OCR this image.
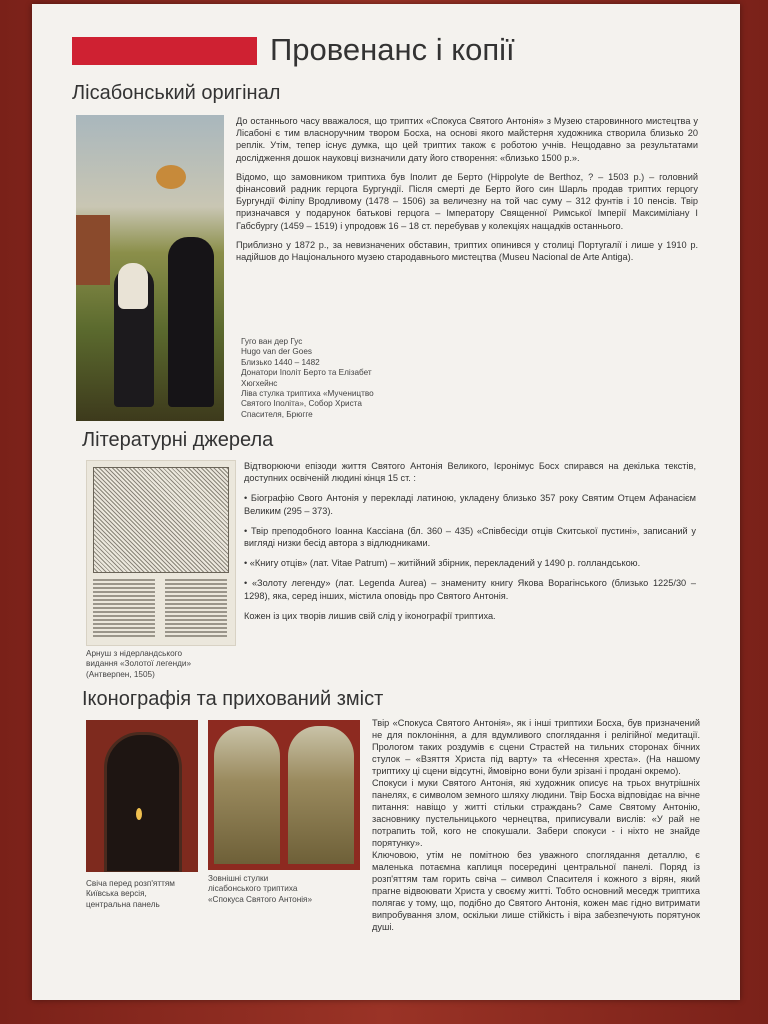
Провенанс і копії
Лісабонський оригінал

До останнього часу вважалося, що триптих «Спокуса Святого Антонія» з Музею старовинного мистецтва у Лісабоні є тим власноручним твором Босха, на основі якого майстерня художника створила близько 20 реплік. Утім, тепер існує думка, що цей триптих також є роботою учнів. Нещодавно за результатами дослідження дошок науковці визначили дату його створення: «близько 1500 р.».

Відомо, що замовником триптиха був Іполит де Берто (Hippolyte de Berthoz, ? – 1503 р.) – головний фінансовий радник герцога Бургундії. Після смерті де Берто його син Шарль продав триптих герцогу Бургундії Філіпу Вродливому (1478 – 1506) за величезну на той час суму – 312 фунтів і 10 пенсів. Твір призначався у подарунок батькові герцога – Імператору Священної Римської Імперії Максиміліану І Габсбургу (1459 – 1519) і упродовж 16 – 18 ст. перебував у колекціях нащадків останнього.

Приблизно у 1872 р., за невизначених обставин, триптих опинився у столиці Португалії і лише у 1910 р. надійшов до Національного музею стародавнього мистецтва (Museu Nacional de Arte Antiga).

Гуго ван дер Гус
Hugo van der Goes
Близько 1440 – 1482
Донатори Іполіт Берто та Елізабет Хюгхейнс
Ліва стулка триптиха «Мучеництво Святого Іполіта», Собор Христа Спасителя, Брюгге
Літературні джерела
Арнуш з нідерландського
видання «Золотої легенди»
(Антверпен, 1505)

Відтворюючи епізоди життя Святого Антонія Великого, Ієронімус Босх спирався на декілька текстів, доступних освіченій людині кінця 15 ст. :

• Біографію Свого Антонія у перекладі латиною, укладену близько 357 року Святим Отцем Афанасієм Великим (295 – 373).

• Твір преподобного Іоанна Кассіана (бл. 360 – 435) «Співбесіди отців Скитської пустині», записаний у вигляді низки бесід автора з відлюдниками.

• «Книгу отців» (лат. Vitae Patrum) – житійний збірник, перекладений у 1490 р. голландською.

• «Золоту легенду» (лат. Legenda Aurea) – знаменитy книгу Якова Ворагінського (близько 1225/30 – 1298), яка, серед інших, містила оповідь про Святого Антонія.

Кожен із цих творів лишив свій слід у іконографії триптиха.

Іконографія та прихований зміст
Свіча перед розп'яттям
Київська версія,
центральна панель
Зовнішні стулки
лісабонського триптиха
«Спокуса Святого Антонія»

Твір «Спокуса Святого Антонія», як і інші триптихи Босха, був призначений не для поклоніння, а для вдумливого споглядання і релігійної медитації. Прологом таких роздумів є сцени Страстей на тильних сторонах бічних стулок – «Взяття Христа під варту» та «Несення хреста». (На нашому триптиху ці сцени відсутні, ймовірно вони були зрізані і продані окремо).

Спокуси і муки Святого Антонія, які художник описує на трьох внутрішніх панелях, є символом земного шляху людини. Твір Босха відповідає на вічне питання: навіщо у житті стільки страждань? Саме Святому Антонію, засновнику пустельницького чернецтва, приписували вислів: «У рай не потрапить той, кого не спокушали. Забери спокуси - і ніхто не знайде порятунку».

Ключовою, утім не помітною без уважного споглядання деталлю, є маленька потаємна каплиця посередині центральної панелі. Поряд із розп'яттям там горить свіча – символ Спасителя і кожного з вірян, який прагне відвоювати Христа у своєму житті. Тобто основний меседж триптиха полягає у тому, що, подібно до Святого Антонія, кожен має гідно витримати випробування злом, оскільки лише стійкість і віра забезпечують порятунок душі.
